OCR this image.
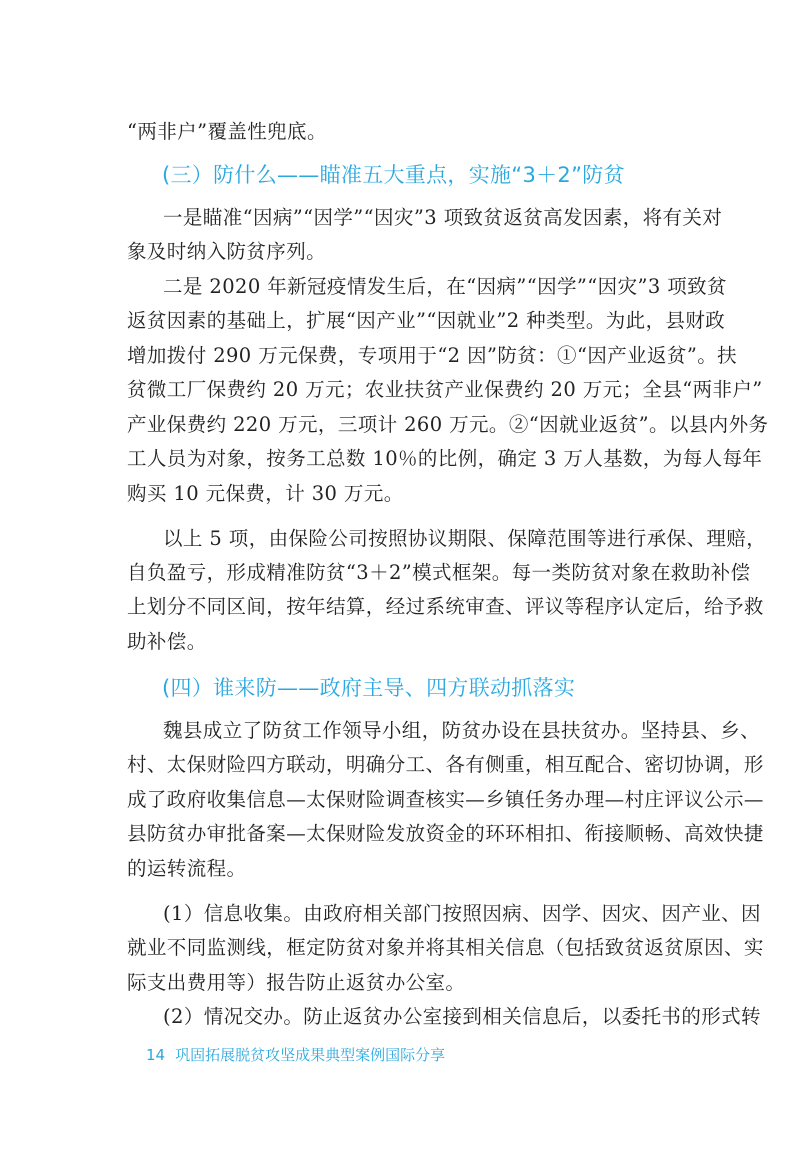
“两非户”覆盖性兜底。
(三）防什么——瞄准五大重点，实施“3＋2”防贫
一是瞄准“因病”“因学”“因灾”3 项致贫返贫高发因素，将有关对
象及时纳入防贫序列。
二是 2020 年新冠疫情发生后，在“因病”“因学”“因灾”3 项致贫
返贫因素的基础上，扩展“因产业”“因就业”2 种类型。为此，县财政
增加拨付 290 万元保费，专项用于“2 因”防贫：①“因产业返贫”。扶
贫微工厂保费约 20 万元；农业扶贫产业保费约 20 万元；全县“两非户”
产业保费约 220 万元，三项计 260 万元。②“因就业返贫”。以县内外务
工人员为对象，按务工总数 10％的比例，确定 3 万人基数，为每人每年
购买 10 元保费，计 30 万元。
以上 5 项，由保险公司按照协议期限、保障范围等进行承保、理赔，
自负盈亏，形成精准防贫“3＋2”模式框架。每一类防贫对象在救助补偿
上划分不同区间，按年结算，经过系统审查、评议等程序认定后，给予救
助补偿。
(四）谁来防——政府主导、四方联动抓落实
魏县成立了防贫工作领导小组，防贫办设在县扶贫办。坚持县、乡、
村、太保财险四方联动，明确分工、各有侧重，相互配合、密切协调，形
成了政府收集信息—太保财险调查核实—乡镇任务办理—村庄评议公示—
县防贫办审批备案—太保财险发放资金的环环相扣、衔接顺畅、高效快捷
的运转流程。
(1）信息收集。由政府相关部门按照因病、因学、因灾、因产业、因
就业不同监测线，框定防贫对象并将其相关信息（包括致贫返贫原因、实
际支出费用等）报告防止返贫办公室。
(2）情况交办。防止返贫办公室接到相关信息后，以委托书的形式转
14 巩固拓展脱贫攻坚成果典型案例国际分享
